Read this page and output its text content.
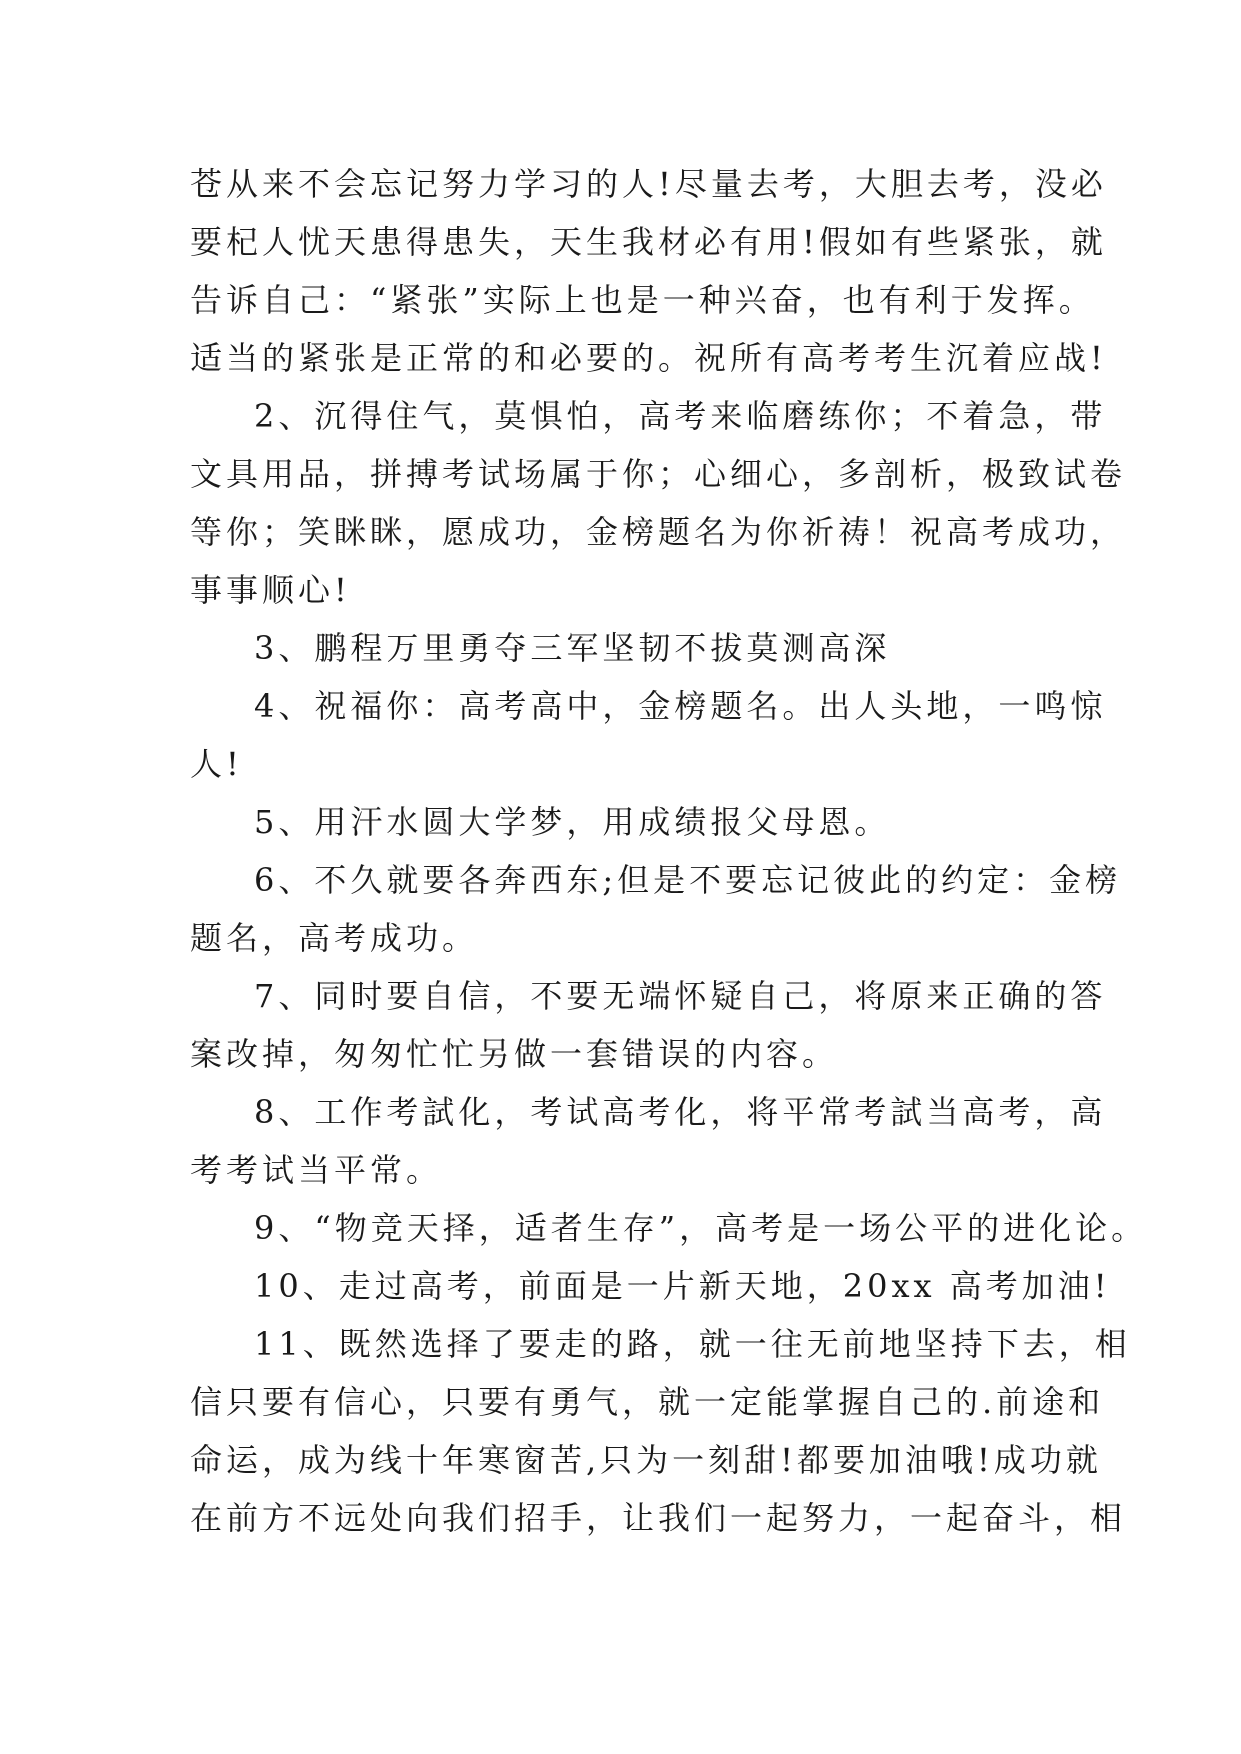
苍从来不会忘记努力学习的人!尽量去考，大胆去考，没必
要杞人忧天患得患失，天生我材必有用!假如有些紧张，就
告诉自己：“紧张”实际上也是一种兴奋，也有利于发挥。
适当的紧张是正常的和必要的。祝所有高考考生沉着应战!
2、沉得住气，莫惧怕，高考来临磨练你；不着急，带
文具用品，拼搏考试场属于你；心细心，多剖析，极致试卷
等你；笑眯眯，愿成功，金榜题名为你祈祷！祝高考成功，
事事顺心!
3、鹏程万里勇夺三军坚韧不拔莫测高深
4、祝福你：高考高中，金榜题名。出人头地，一鸣惊
人!
5、用汗水圆大学梦，用成绩报父母恩。
6、不久就要各奔西东;但是不要忘记彼此的约定：金榜
题名，高考成功。
7、同时要自信，不要无端怀疑自己，将原来正确的答
案改掉，匆匆忙忙另做一套错误的内容。
8、工作考試化，考试高考化，将平常考試当高考，高
考考试当平常。
9、“物竞天择，适者生存”，高考是一场公平的进化论。
10、走过高考，前面是一片新天地，20xx 高考加油!
11、既然选择了要走的路，就一往无前地坚持下去，相
信只要有信心，只要有勇气，就一定能掌握自己的.前途和
命运，成为线十年寒窗苦,只为一刻甜!都要加油哦!成功就
在前方不远处向我们招手，让我们一起努力，一起奋斗，相
